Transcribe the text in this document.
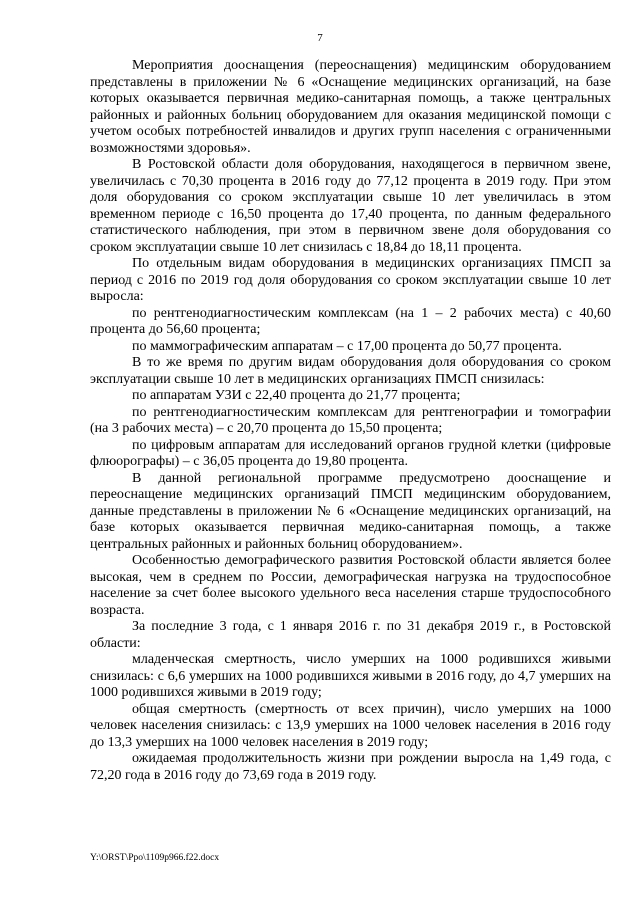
7

Мероприятия дооснащения (переоснащения) медицинским оборудованием представлены в приложении № 6 «Оснащение медицинских организаций, на базе которых оказывается первичная медико-санитарная помощь, а также центральных районных и районных больниц оборудованием для оказания медицинской помощи с учетом особых потребностей инвалидов и других групп населения с ограниченными возможностями здоровья».

В Ростовской области доля оборудования, находящегося в первичном звене, увеличилась с 70,30 процента в 2016 году до 77,12 процента в 2019 году. При этом доля оборудования со сроком эксплуатации свыше 10 лет увеличилась в этом временном периоде с 16,50 процента до 17,40 процента, по данным федерального статистического наблюдения, при этом в первичном звене доля оборудования со сроком эксплуатации свыше 10 лет снизилась с 18,84 до 18,11 процента.

По отдельным видам оборудования в медицинских организациях ПМСП за период с 2016 по 2019 год доля оборудования со сроком эксплуатации свыше 10 лет выросла:

по рентгенодиагностическим комплексам (на 1 – 2 рабочих места) с 40,60 процента до 56,60 процента;

по маммографическим аппаратам – с 17,00 процента до 50,77 процента.

В то же время по другим видам оборудования доля оборудования со сроком эксплуатации свыше 10 лет в медицинских организациях ПМСП снизилась:

по аппаратам УЗИ с 22,40 процента до 21,77 процента;

по рентгенодиагностическим комплексам для рентгенографии и томографии (на 3 рабочих места) – с 20,70 процента до 15,50 процента;

по цифровым аппаратам для исследований органов грудной клетки (цифровые флюорографы) – с 36,05 процента до 19,80 процента.

В данной региональной программе предусмотрено дооснащение и переоснащение медицинских организаций ПМСП медицинским оборудованием, данные представлены в приложении № 6 «Оснащение медицинских организаций, на базе которых оказывается первичная медико-санитарная помощь, а также центральных районных и районных больниц оборудованием».

Особенностью демографического развития Ростовской области является более высокая, чем в среднем по России, демографическая нагрузка на трудоспособное население за счет более высокого удельного веса населения старше трудоспособного возраста.

За последние 3 года, с 1 января 2016 г. по 31 декабря 2019 г., в Ростовской области:

младенческая смертность, число умерших на 1000 родившихся живыми снизилась: с 6,6 умерших на 1000 родившихся живыми в 2016 году, до 4,7 умерших на 1000 родившихся живыми в 2019 году;

общая смертность (смертность от всех причин), число умерших на 1000 человек населения снизилась: с 13,9 умерших на 1000 человек населения в 2016 году до 13,3 умерших на 1000 человек населения в 2019 году;

ожидаемая продолжительность жизни при рождении выросла на 1,49 года, с 72,20 года в 2016 году до 73,69 года в 2019 году.

Y:\ORST\Ppo\1109p966.f22.docx
